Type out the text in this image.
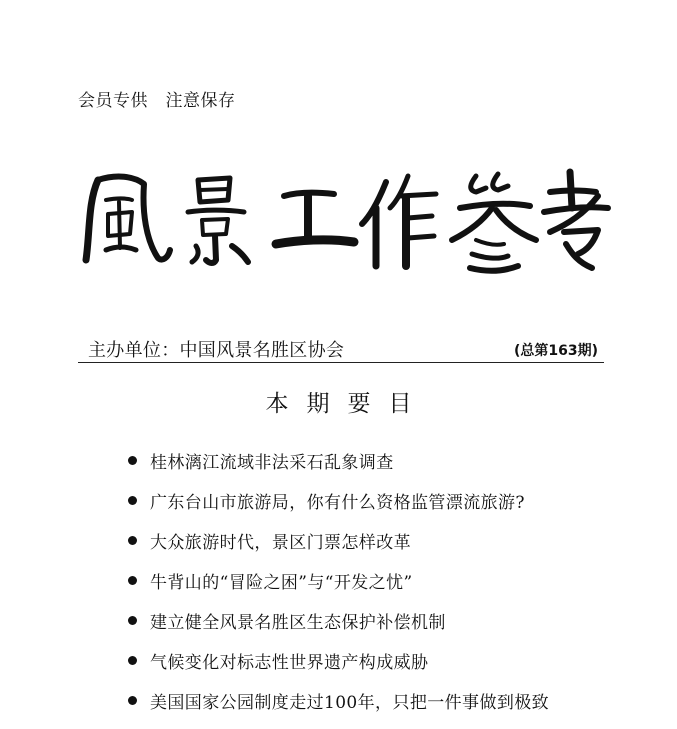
会员专供　注意保存
主办单位：中国风景名胜区协会	(总第163期)
本期要目
桂林漓江流域非法采石乱象调查
广东台山市旅游局，你有什么资格监管漂流旅游?
大众旅游时代，景区门票怎样改革
牛背山的“冒险之困”与“开发之忧”
建立健全风景名胜区生态保护补偿机制
气候变化对标志性世界遗产构成威胁
美国国家公园制度走过100年，只把一件事做到极致
